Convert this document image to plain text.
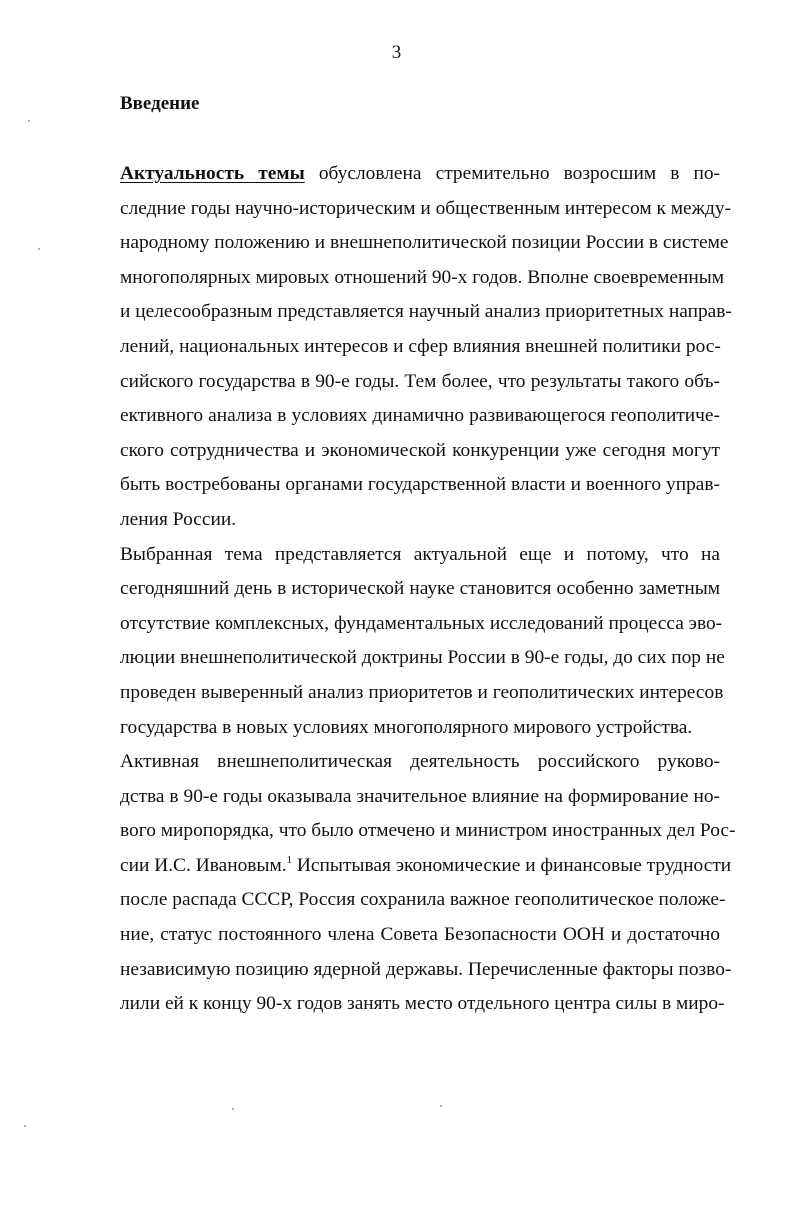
3
Введение
Актуальность темы обусловлена стремительно возросшим в по-
следние годы научно-историческим и общественным интересом к между-
народному положению и внешнеполитической позиции России в системе
многополярных мировых отношений 90-х годов. Вполне своевременным
и целесообразным представляется научный анализ приоритетных направ-
лений, национальных интересов и сфер влияния внешней политики рос-
сийского государства в 90-е годы. Тем более, что результаты такого объ-
ективного анализа в условиях динамично развивающегося геополитиче-
ского сотрудничества и экономической конкуренции уже сегодня могут
быть востребованы органами государственной власти и военного управ-
ления России.
Выбранная тема представляется актуальной еще и потому, что на
сегодняшний день в исторической науке становится особенно заметным
отсутствие комплексных, фундаментальных исследований процесса эво-
люции внешнеполитической доктрины России в 90-е годы, до сих пор не
проведен выверенный анализ приоритетов и геополитических интересов
государства в новых условиях многополярного мирового устройства.
Активная внешнеполитическая деятельность российского руково-
дства в 90-е годы оказывала значительное влияние на формирование но-
вого миропорядка, что было отмечено и министром иностранных дел Рос-
сии И.С. Ивановым.$^1$ Испытывая экономические и финансовые трудности
после распада СССР, Россия сохранила важное геополитическое положе-
ние, статус постоянного члена Совета Безопасности ООН и достаточно
независимую позицию ядерной державы. Перечисленные факторы позво-
лили ей к концу 90-х годов занять место отдельного центра силы в миро-
